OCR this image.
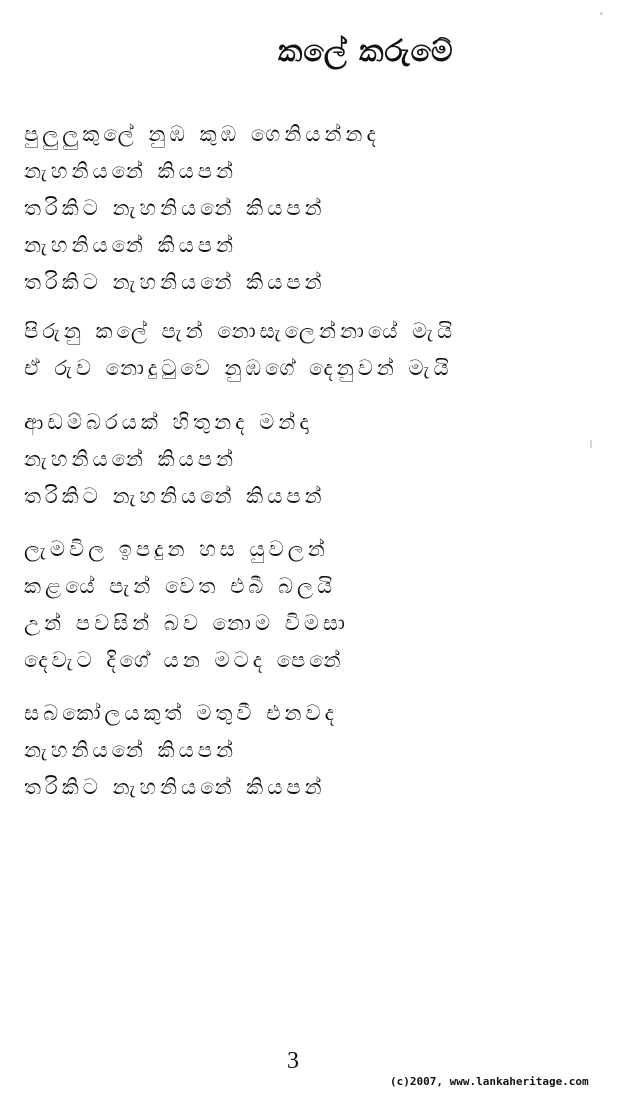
කලේ කරුමේ
පුලුලුකුලේ නුඹ කුඹ ගෙනියන්නද
නැහනියනේ කියපන්
තරිකිට නැහනියනේ කියපන්
නැහනියනේ කියපන්
තරිකිට නැහනියනේ කියපන්
පිරුනු කලේ පැන් නොසැලෙන්නායේ මැයි
ඒ රුව නොදුටුවෙ නුඹගේ දෙනුවන් මැයි
ආඩම්බරයක් හිතුනද මන්දා
නැහනියනේ කියපන්
තරිකිට නැහනියනේ කියපන්
ලැමවිල ඉපදුන හස යුවලන්
කළයේ පැන් වෙත එබී බලයි
උන් පවසින් බව නොම විමසා
දෙවැට දිගේ යන මටද පෙනේ
සබකෝලයකුත් මතුවී එනවද
නැහනියනේ කියපන්
තරිකිට නැහනියනේ කියපන්
3
(c)2007, www.lankaheritage.com
